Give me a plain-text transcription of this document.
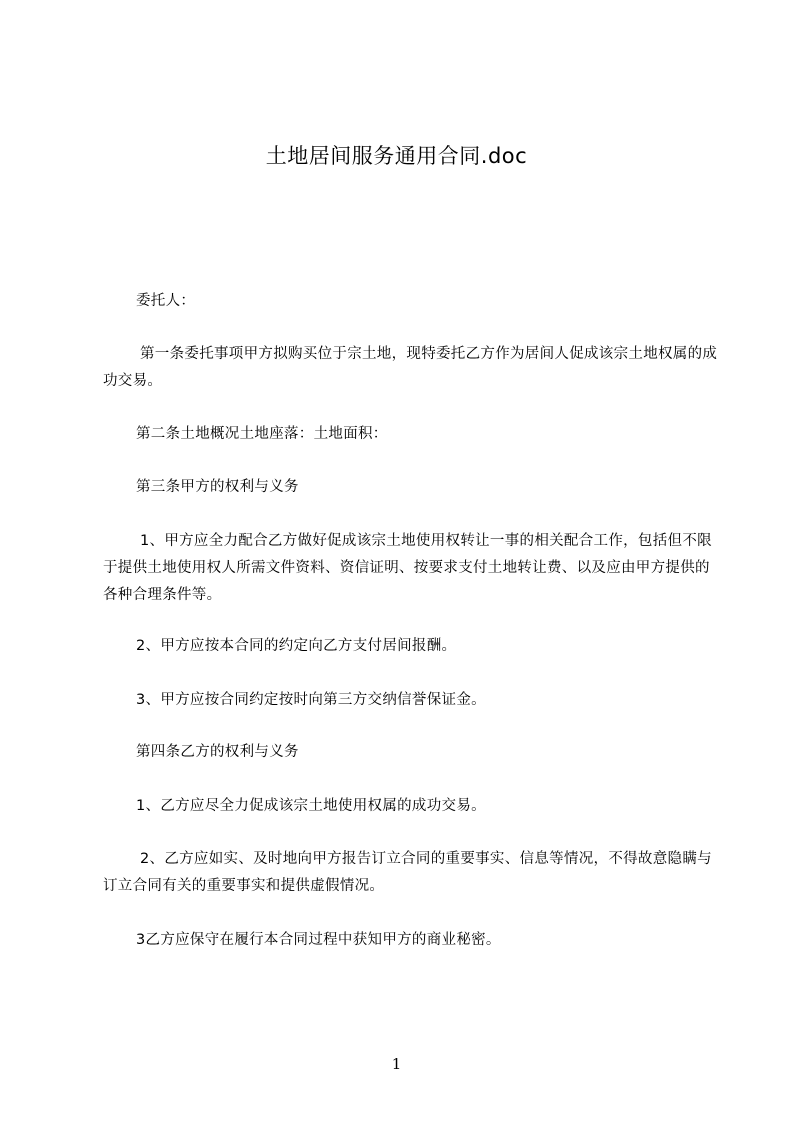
土地居间服务通用合同.doc

委托人：

第一条委托事项甲方拟购买位于宗土地，现特委托乙方作为居间人促成该宗土地权属的成功交易。

第二条土地概况土地座落：土地面积：

第三条甲方的权利与义务

1、甲方应全力配合乙方做好促成该宗土地使用权转让一事的相关配合工作，包括但不限于提供土地使用权人所需文件资料、资信证明、按要求支付土地转让费、以及应由甲方提供的各种合理条件等。

2、甲方应按本合同的约定向乙方支付居间报酬。

3、甲方应按合同约定按时向第三方交纳信誉保证金。

第四条乙方的权利与义务

1、乙方应尽全力促成该宗土地使用权属的成功交易。

2、乙方应如实、及时地向甲方报告订立合同的重要事实、信息等情况，不得故意隐瞒与订立合同有关的重要事实和提供虚假情况。

3乙方应保守在履行本合同过程中获知甲方的商业秘密。

1
